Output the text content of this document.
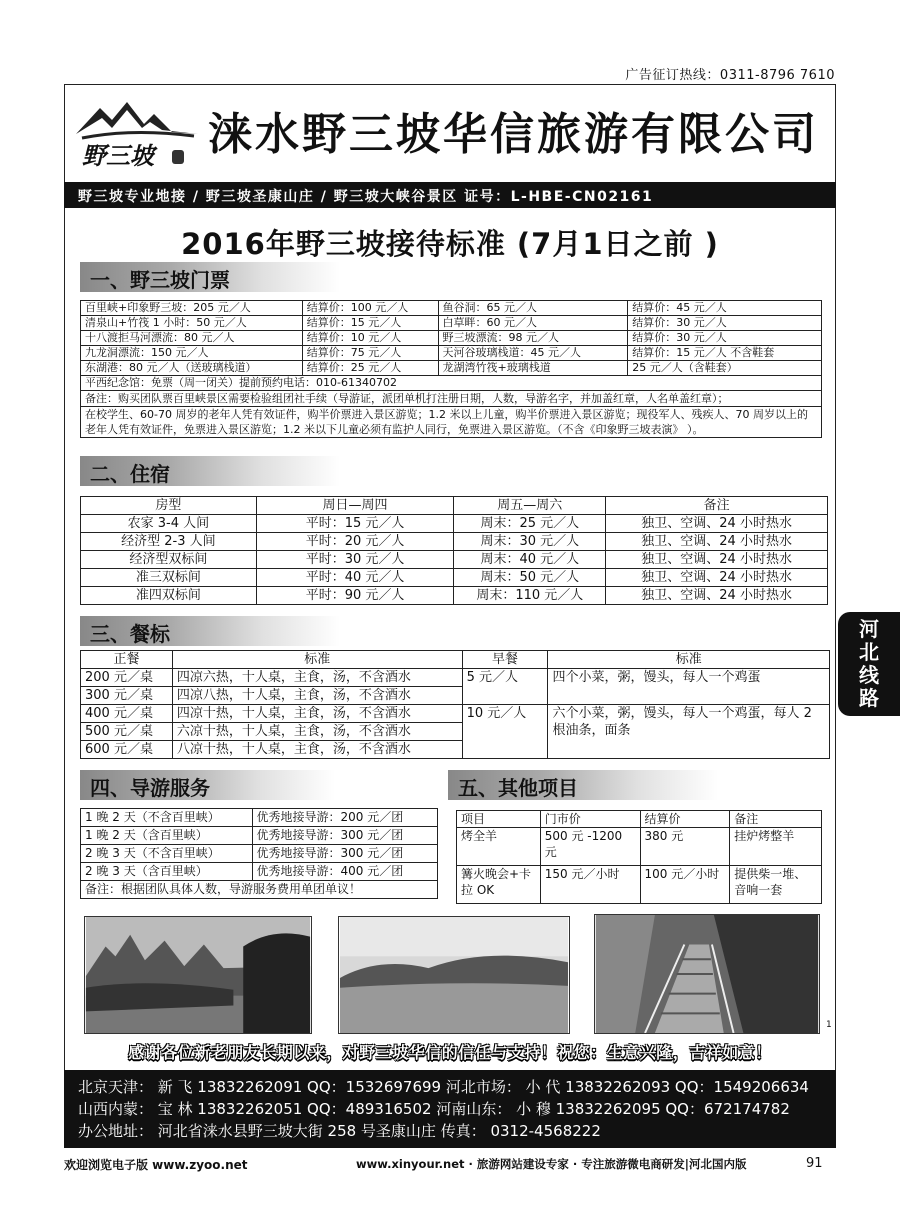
广告征订热线：0311-8796 7610
野三坡 涞水野三坡华信旅游有限公司
野三坡专业地接 / 野三坡圣康山庄 / 野三坡大峡谷景区 证号：L-HBE-CN02161
2016年野三坡接待标准 (7月1日之前 )
一、野三坡门票
百里峡+印象野三坡：205 元／人	结算价：100 元／人	鱼谷洞：65 元／人	结算价：45 元／人
清泉山+竹筏 1 小时：50 元／人	结算价：15 元／人	白草畔：60 元／人	结算价：30 元／人
十八渡拒马河漂流：80 元／人	结算价：10 元／人	野三坡漂流：98 元／人	结算价：30 元／人
九龙洞漂流：150 元／人	结算价：75 元／人	天河谷玻璃栈道：45 元／人	结算价：15 元／人 不含鞋套
东湖港：80 元／人（送玻璃栈道）	结算价：25 元／人	龙湖湾竹筏+玻璃栈道	25 元／人（含鞋套）
平西纪念馆：免票（周一闭关）提前预约电话：010-61340702			
备注：购买团队票百里峡景区需要检验组团社手续（导游证，派团单机打注册日期，人数，导游名字，并加盖红章，人名单盖红章）；			
在校学生、60-70 周岁的老年人凭有效证件，购半价票进入景区游览；1.2 米以上儿童，购半价票进入景区游览；现役军人、残疾人、70 周岁以上的老年人凭有效证件，免票进入景区游览；1.2 米以下儿童必须有监护人同行，免票进入景区游览。（不含《印象野三坡表演》 ）。			
二、住宿
房型	周日—周四	周五—周六	备注
农家 3-4 人间	平时：15 元／人	周末：25 元／人	独卫、空调、24 小时热水
经济型 2-3 人间	平时：20 元／人	周末：30 元／人	独卫、空调、24 小时热水
经济型双标间	平时：30 元／人	周末：40 元／人	独卫、空调、24 小时热水
准三双标间	平时：40 元／人	周末：50 元／人	独卫、空调、24 小时热水
准四双标间	平时：90 元／人	周末：110 元／人	独卫、空调、24 小时热水
三、餐标
正餐	标准	早餐	标准
200 元／桌	四凉六热，十人桌，主食，汤，不含酒水	5 元／人	四个小菜，粥，馒头，每人一个鸡蛋
300 元／桌	四凉八热，十人桌，主食，汤，不含酒水		
400 元／桌	四凉十热，十人桌，主食，汤，不含酒水	10 元／人	六个小菜，粥，馒头，每人一个鸡蛋，每人 2 根油条，面条
500 元／桌	六凉十热，十人桌，主食，汤，不含酒水		
600 元／桌	八凉十热，十人桌，主食，汤，不含酒水		
四、导游服务
1 晚 2 天（不含百里峡）	优秀地接导游：200 元／团
1 晚 2 天（含百里峡）	优秀地接导游：300 元／团
2 晚 3 天（不含百里峡）	优秀地接导游：300 元／团
2 晚 3 天（含百里峡）	优秀地接导游：400 元／团
备注：根据团队具体人数，导游服务费用单团单议！	
五、其他项目
项目	门市价	结算价	备注
烤全羊	500 元 -1200 元	380 元	挂炉烤整羊
篝火晚会+卡拉 OK	150 元／小时	100 元／小时	提供柴一堆、音响一套
河
北
线
路
1
感谢各位新老朋友长期以来，对野三坡华信的信任与支持！祝您：生意兴隆，吉祥如意！
北京天津： 新 飞 13832262091 QQ：1532697699 河北市场： 小 代 13832262093 QQ：1549206634
山西内蒙： 宝 林 13832262051 QQ：489316502 河南山东： 小 穆 13832262095 QQ：672174782
办公地址： 河北省涞水县野三坡大街 258 号圣康山庄 传真： 0312-4568222
欢迎浏览电子版 www.zyoo.net	www.xinyour.net · 旅游网站建设专家 · 专注旅游微电商研发|河北国内版	91
